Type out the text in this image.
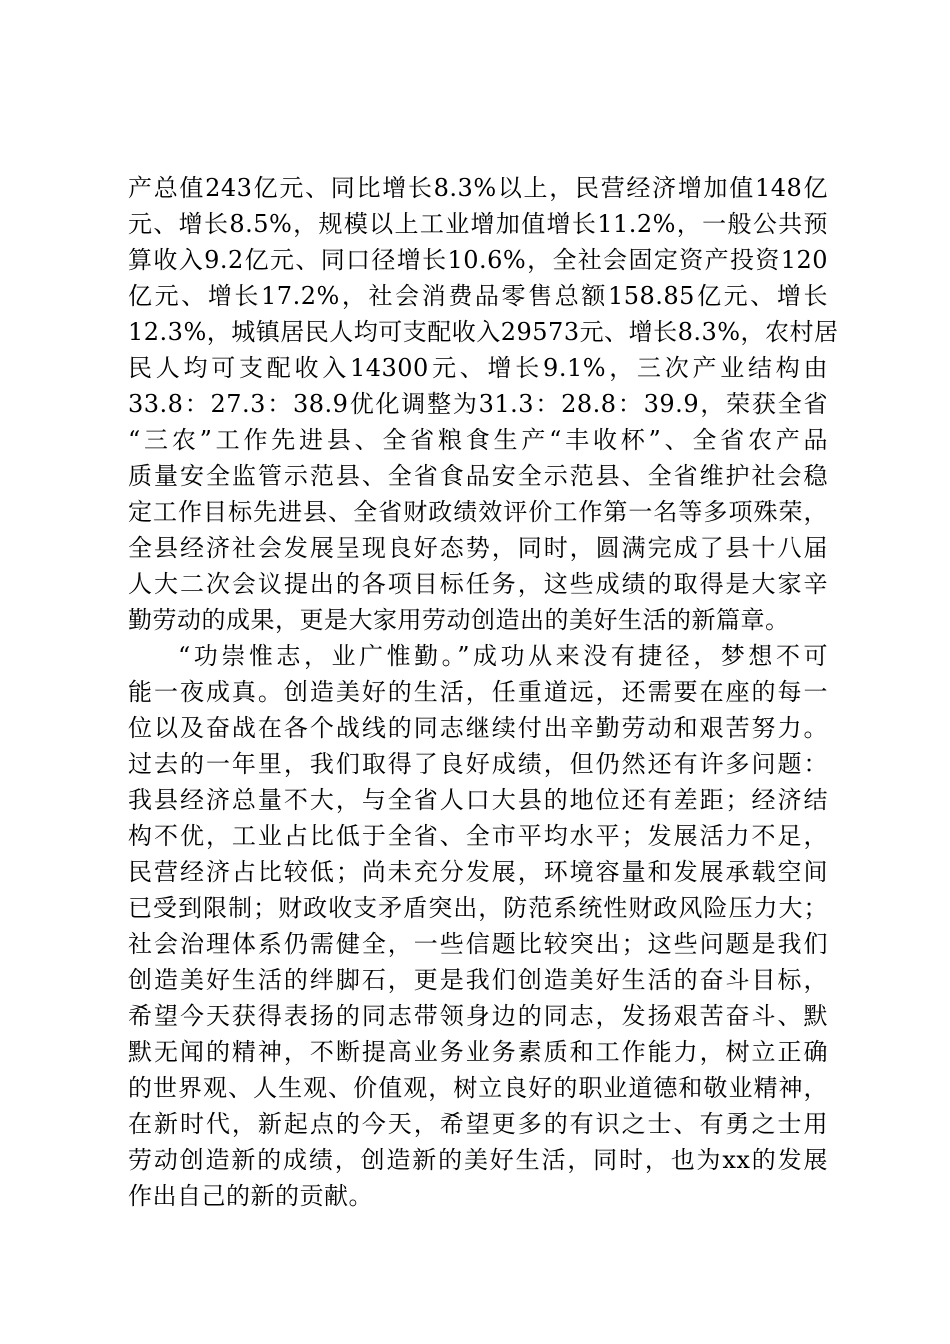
产总值243亿元、同比增长8.3%以上，民营经济增加值148亿
元、增长8.5%，规模以上工业增加值增长11.2%，一般公共预
算收入9.2亿元、同口径增长10.6%，全社会固定资产投资120
亿元、增长17.2%，社会消费品零售总额158.85亿元、增长
12.3%，城镇居民人均可支配收入29573元、增长8.3%，农村居
民人均可支配收入14300元、增长9.1%，三次产业结构由
33.8：27.3：38.9优化调整为31.3：28.8：39.9，荣获全省
“三农”工作先进县、全省粮食生产“丰收杯”、全省农产品
质量安全监管示范县、全省食品安全示范县、全省维护社会稳
定工作目标先进县、全省财政绩效评价工作第一名等多项殊荣，
全县经济社会发展呈现良好态势，同时，圆满完成了县十八届
人大二次会议提出的各项目标任务，这些成绩的取得是大家辛
勤劳动的成果，更是大家用劳动创造出的美好生活的新篇章。
“功崇惟志，业广惟勤。”成功从来没有捷径，梦想不可
能一夜成真。创造美好的生活，任重道远，还需要在座的每一
位以及奋战在各个战线的同志继续付出辛勤劳动和艰苦努力。
过去的一年里，我们取得了良好成绩，但仍然还有许多问题：
我县经济总量不大，与全省人口大县的地位还有差距；经济结
构不优，工业占比低于全省、全市平均水平；发展活力不足，
民营经济占比较低；尚未充分发展，环境容量和发展承载空间
已受到限制；财政收支矛盾突出，防范系统性财政风险压力大；
社会治理体系仍需健全，一些信题比较突出；这些问题是我们
创造美好生活的绊脚石，更是我们创造美好生活的奋斗目标，
希望今天获得表扬的同志带领身边的同志，发扬艰苦奋斗、默
默无闻的精神，不断提高业务业务素质和工作能力，树立正确
的世界观、人生观、价值观，树立良好的职业道德和敬业精神，
在新时代，新起点的今天，希望更多的有识之士、有勇之士用
劳动创造新的成绩，创造新的美好生活，同时，也为xx的发展
作出自己的新的贡献。
